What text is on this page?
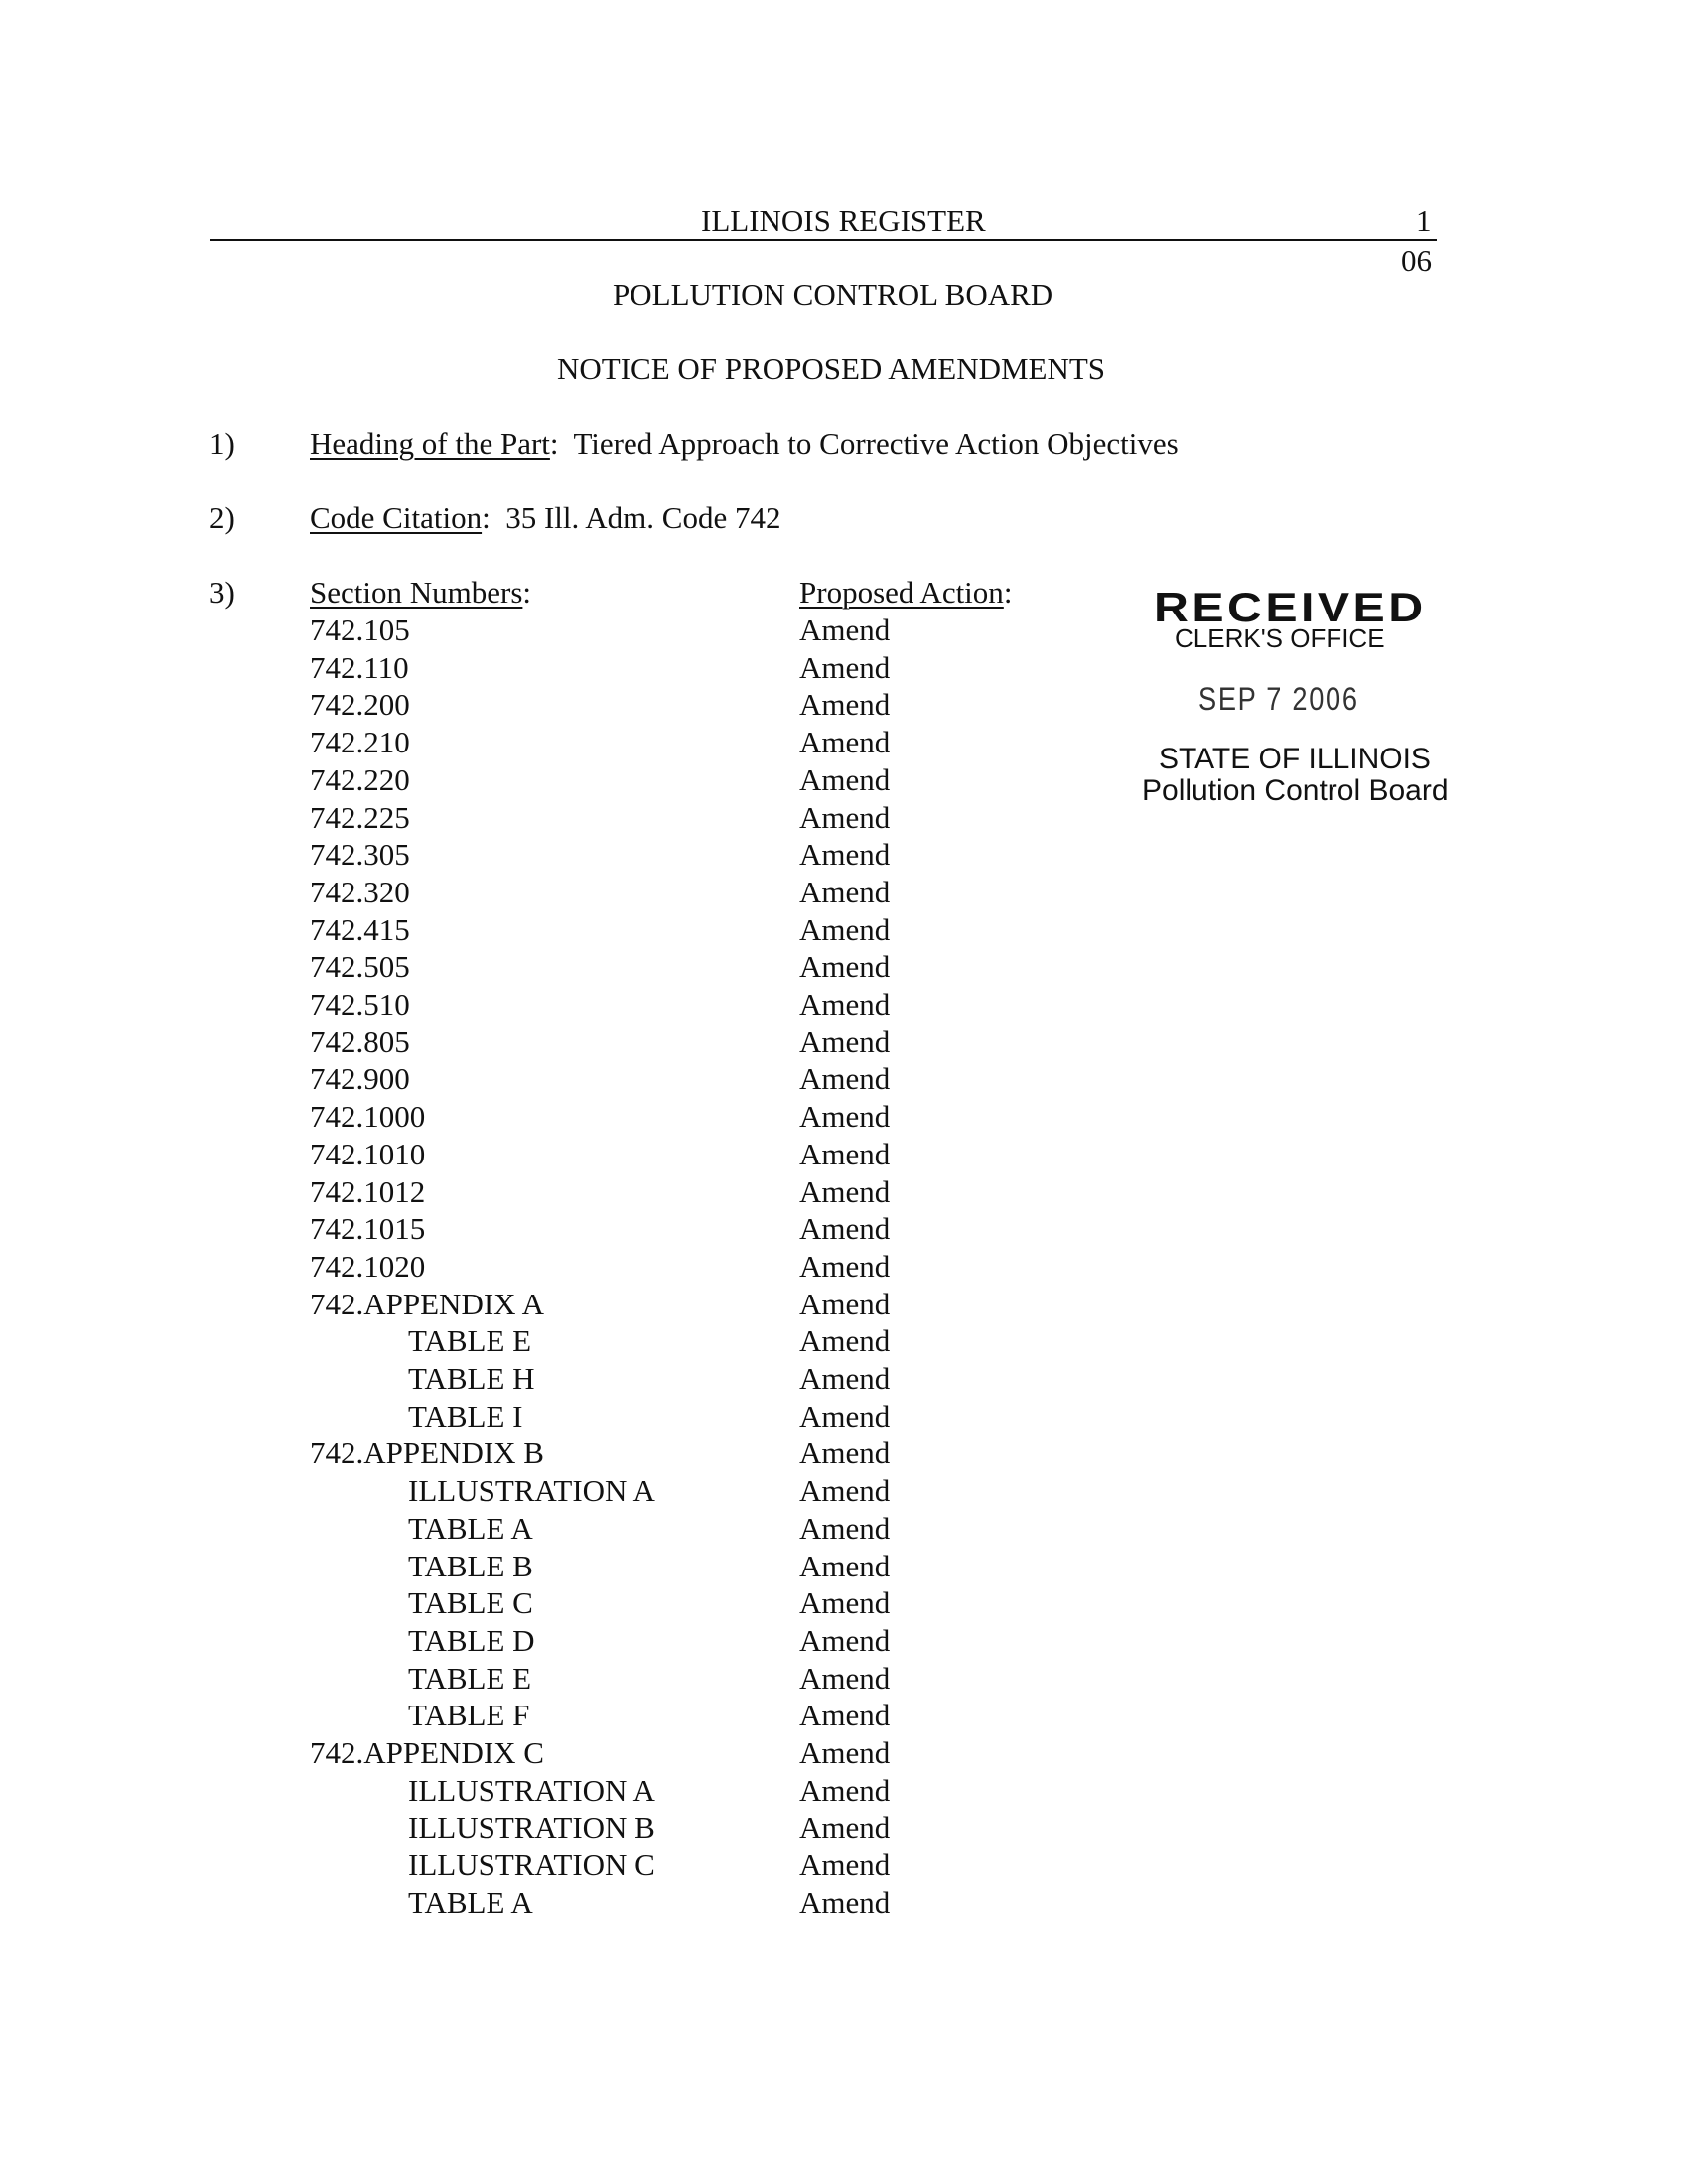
ILLINOIS REGISTER	1
06
POLLUTION CONTROL BOARD
NOTICE OF PROPOSED AMENDMENTS
1) Heading of the Part:  Tiered Approach to Corrective Action Objectives
2) Code Citation:  35 Ill. Adm. Code 742
3) Section Numbers:	Proposed Action:
742.105	Amend
742.110	Amend
742.200	Amend
742.210	Amend
742.220	Amend
742.225	Amend
742.305	Amend
742.320	Amend
742.415	Amend
742.505	Amend
742.510	Amend
742.805	Amend
742.900	Amend
742.1000	Amend
742.1010	Amend
742.1012	Amend
742.1015	Amend
742.1020	Amend
742.APPENDIX A	Amend
TABLE E	Amend
TABLE H	Amend
TABLE I	Amend
742.APPENDIX B	Amend
ILLUSTRATION A	Amend
TABLE A	Amend
TABLE B	Amend
TABLE C	Amend
TABLE D	Amend
TABLE E	Amend
TABLE F	Amend
742.APPENDIX C	Amend
ILLUSTRATION A	Amend
ILLUSTRATION B	Amend
ILLUSTRATION C	Amend
TABLE A	Amend
RECEIVED
CLERK'S OFFICE
SEP 7 2006
STATE OF ILLINOIS
Pollution Control Board
